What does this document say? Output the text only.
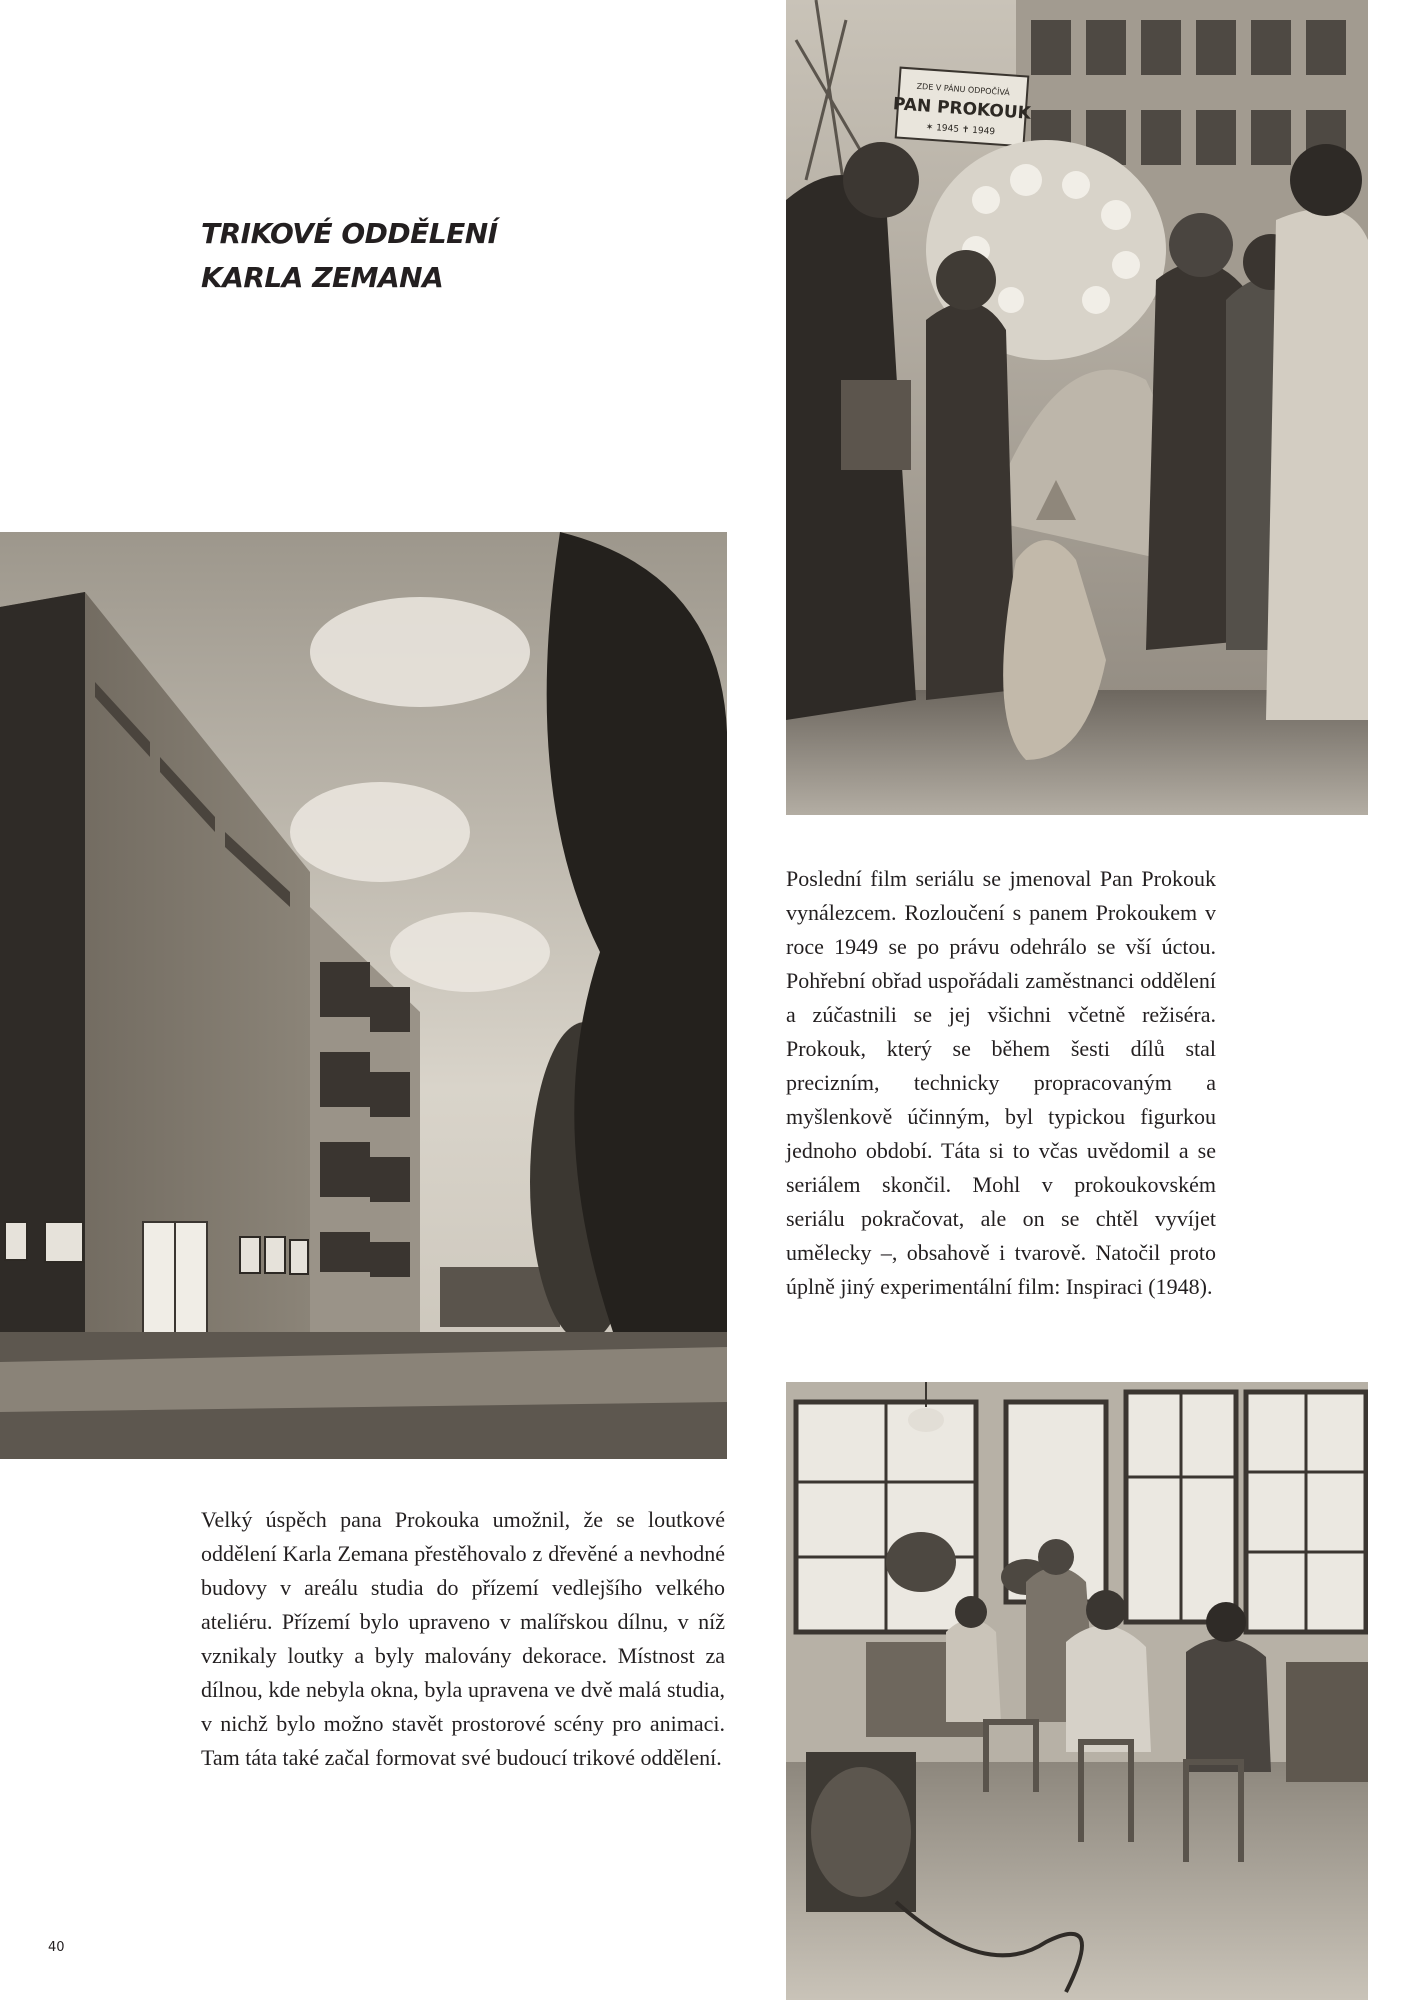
TRIKOVÉ ODDĚLENÍ
KARLA ZEMANA
ZDE V PÁNU ODPOČÍVÁ
PAN PROKOUK
✶ 1945 ✝ 1949

Poslední film seriálu se jmenoval Pan Prokouk vynálezcem. Rozloučení s panem Prokoukem v roce 1949 se po právu odehrálo se vší úctou. Pohřební obřad uspořádali zaměstnanci oddělení a zúčastnili se jej všichni včetně režiséra. Prokouk, který se během šesti dílů stal precizním, technicky propracovaným a myšlenkově účinným, byl typickou figurkou jednoho období. Táta si to včas uvědomil a se seriálem skončil. Mohl v prokoukovském seriálu pokračovat, ale on se chtěl vyvíjet umělecky –, obsahově i tvarově. Natočil proto úplně jiný experimentální film: Inspiraci (1948).

Velký úspěch pana Prokouka umožnil, že se loutkové oddělení Karla Zemana přestěhovalo z dřevěné a nevhodné budovy v areálu studia do přízemí vedlejšího velkého ateliéru. Přízemí bylo upraveno v malířskou dílnu, v níž vznikaly loutky a byly malovány dekorace. Místnost za dílnou, kde nebyla okna, byla upravena ve dvě malá studia, v nichž bylo možno stavět prostorové scény pro animaci. Tam táta také začal formovat své budoucí trikové oddělení.

40
